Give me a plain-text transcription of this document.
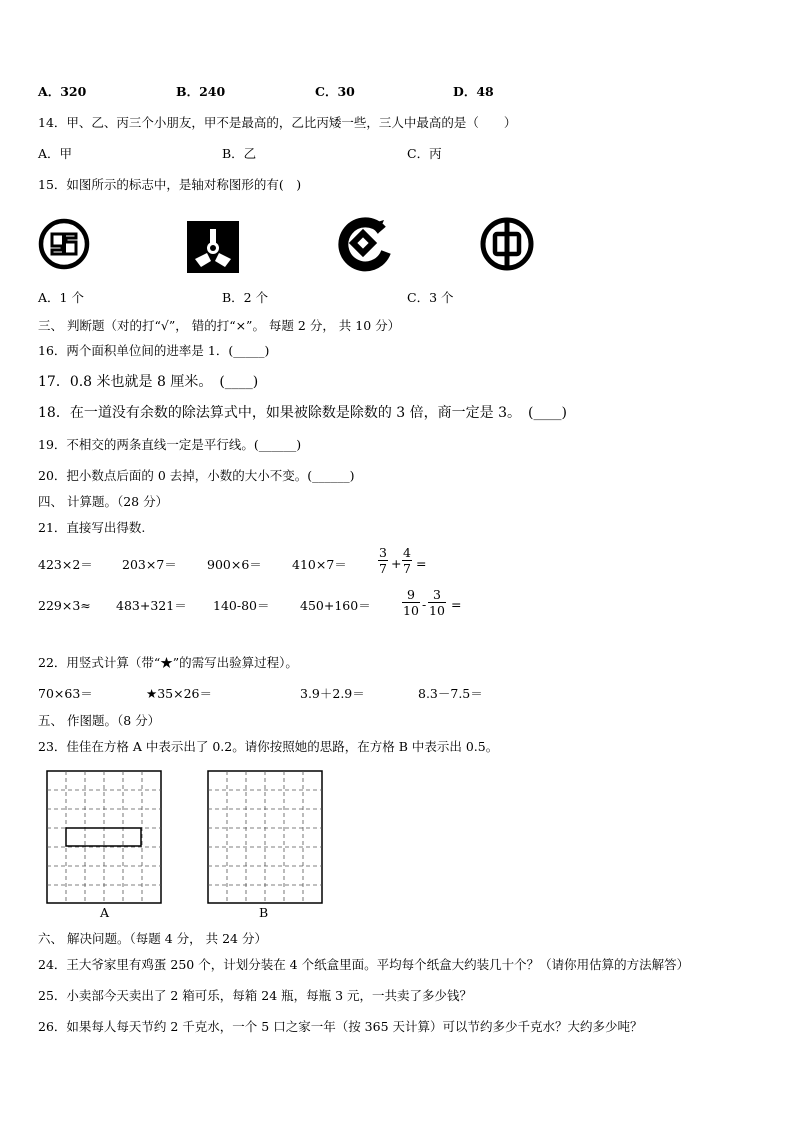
A．320	B．240	C．30	D．48
14．甲、乙、丙三个小朋友，甲不是最高的，乙比丙矮一些，三人中最高的是（　　）
A．甲	B．乙	C．丙
15．如图所示的标志中，是轴对称图形的有(　)
A．1 个	B．2 个	C．3 个
三、 判断题（对的打“√”， 错的打“×”。 每题 2 分， 共 10 分）
16．两个面积单位间的进率是 1．(_____)
17．0.8 米也就是 8 厘米。　(____)
18．在一道没有余数的除法算式中，如果被除数是除数的 3 倍，商一定是 3。　(____)
19．不相交的两条直线一定是平行线。(______)
20．把小数点后面的 0 去掉，小数的大小不变。(______)
四、 计算题。（28 分）
21．直接写出得数.
423×2＝ 203×7＝ 900×6＝ 410×7＝
3
7 +
4
7 =
229×3≈ 483+321＝ 140-80＝ 450+160＝
9
10 -
3
10 =
22．用竖式计算（带“★”的需写出验算过程）。
70×63＝	★35×26＝	3.9＋2.9＝	8.3－7.5＝
五、 作图题。（8 分）
23．佳佳在方格 A 中表示出了 0.2。请你按照她的思路，在方格 B 中表示出 0.5。
A	B
六、 解决问题。（每题 4 分， 共 24 分）
24．王大爷家里有鸡蛋 250 个，计划分装在 4 个纸盒里面。平均每个纸盒大约装几十个？（请你用估算的方法解答）
25．小卖部今天卖出了 2 箱可乐，每箱 24 瓶，每瓶 3 元，一共卖了多少钱？
26．如果每人每天节约 2 千克水，一个 5 口之家一年（按 365 天计算）可以节约多少千克水？大约多少吨？
